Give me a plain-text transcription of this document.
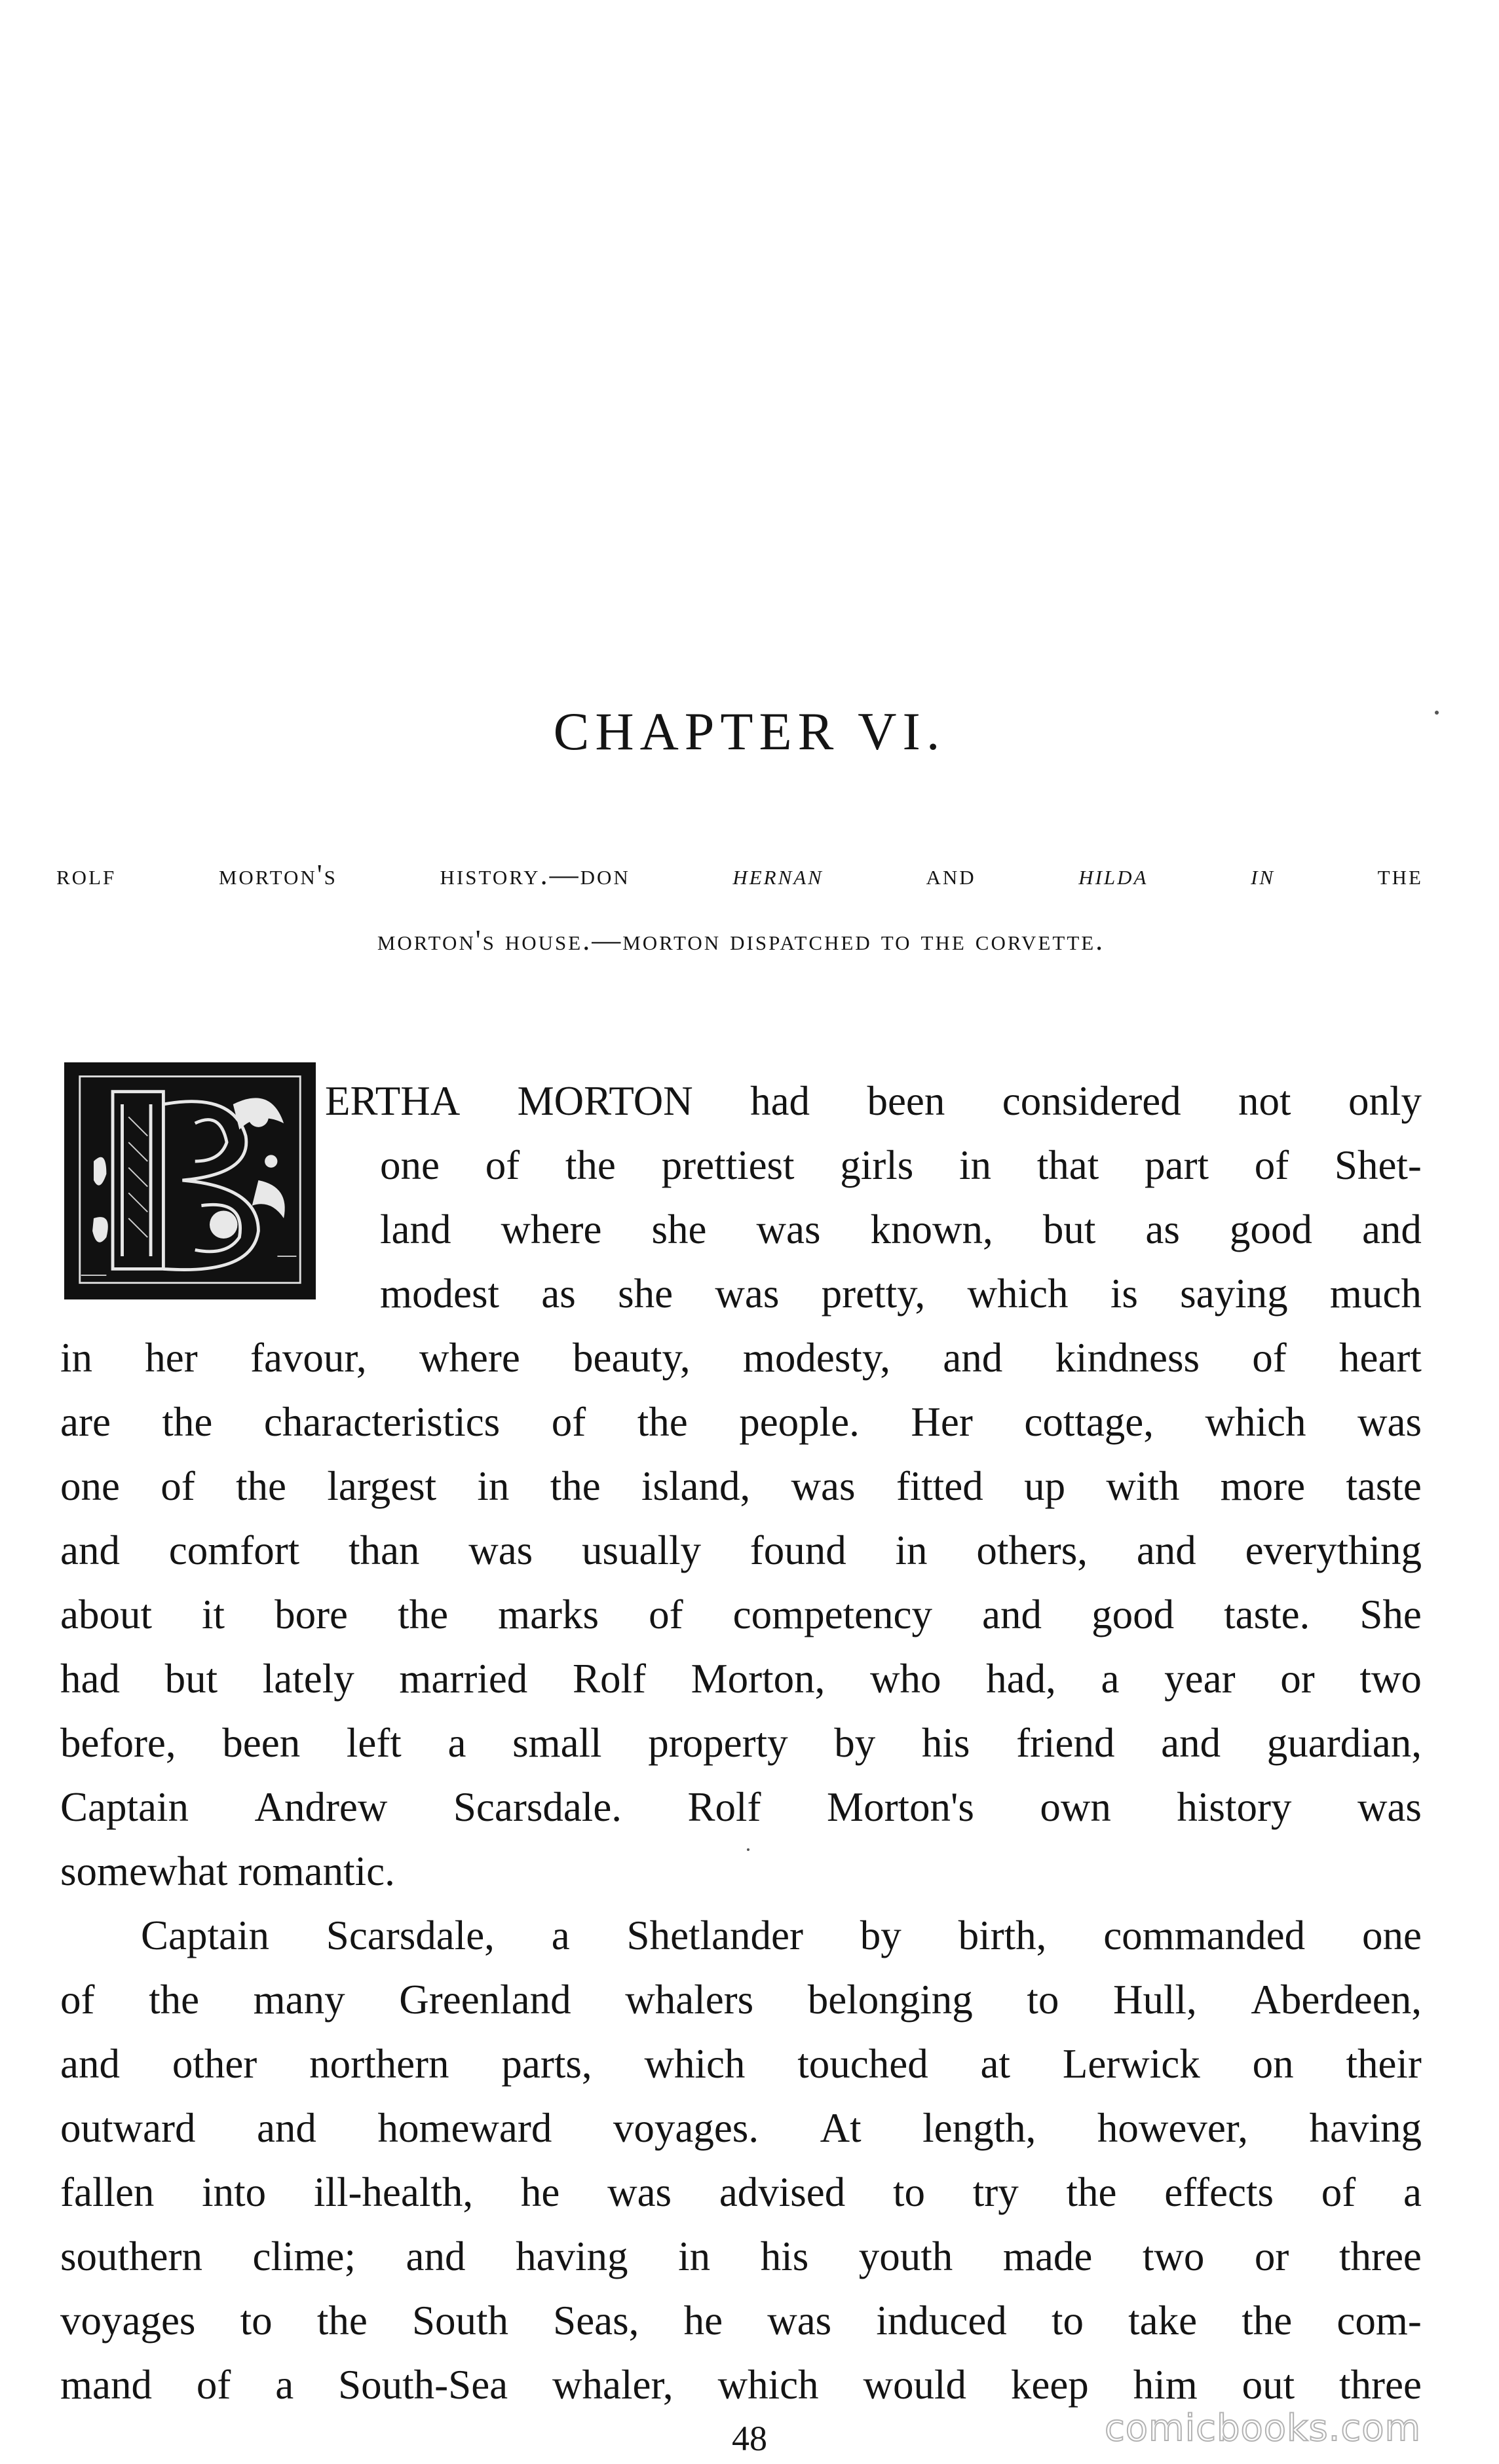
CHAPTER VI.
rolf	morton's	history.—don	hernan	and	hilda	in	the
morton's house.—morton dispatched to the corvette.
ERTHA MORTON had been considered not only
one of the prettiest girls in that part of Shet-
land where she was known, but as good and
modest as she was pretty, which is saying much
in her favour, where beauty, modesty, and kindness of heart
are the characteristics of the people. Her cottage, which was
one of the largest in the island, was fitted up with more taste
and comfort than was usually found in others, and everything
about it bore the marks of competency and good taste. She
had but lately married Rolf Morton, who had, a year or two
before, been left a small property by his friend and guardian,
Captain Andrew Scarsdale. Rolf Morton's own history was
somewhat romantic.
Captain Scarsdale, a Shetlander by birth, commanded one
of the many Greenland whalers belonging to Hull, Aberdeen,
and other northern parts, which touched at Lerwick on their
outward and homeward voyages. At length, however, having
fallen into ill-health, he was advised to try the effects of a
southern clime; and having in his youth made two or three
voyages to the South Seas, he was induced to take the com-
mand of a South-Sea whaler, which would keep him out three
48	comicbooks.com
